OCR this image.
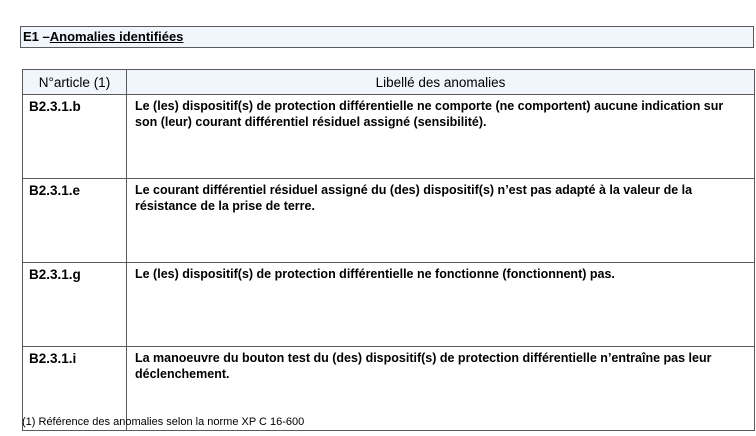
E1 –Anomalies identifiées
N°article (1)	Libellé des anomalies
B2.3.1.b	Le (les) dispositif(s) de protection différentielle ne comporte (ne comportent) aucune indication sur son (leur) courant différentiel résiduel assigné (sensibilité).
B2.3.1.e	Le courant différentiel résiduel assigné du (des) dispositif(s) n’est pas adapté à la valeur de la résistance de la prise de terre.
B2.3.1.g	Le (les) dispositif(s) de protection différentielle ne fonctionne (fonctionnent) pas.
B2.3.1.i	La manoeuvre du bouton test du (des) dispositif(s) de protection différentielle n’entraîne pas leur déclenchement.
(1) Référence des anomalies selon la norme XP C 16-600
